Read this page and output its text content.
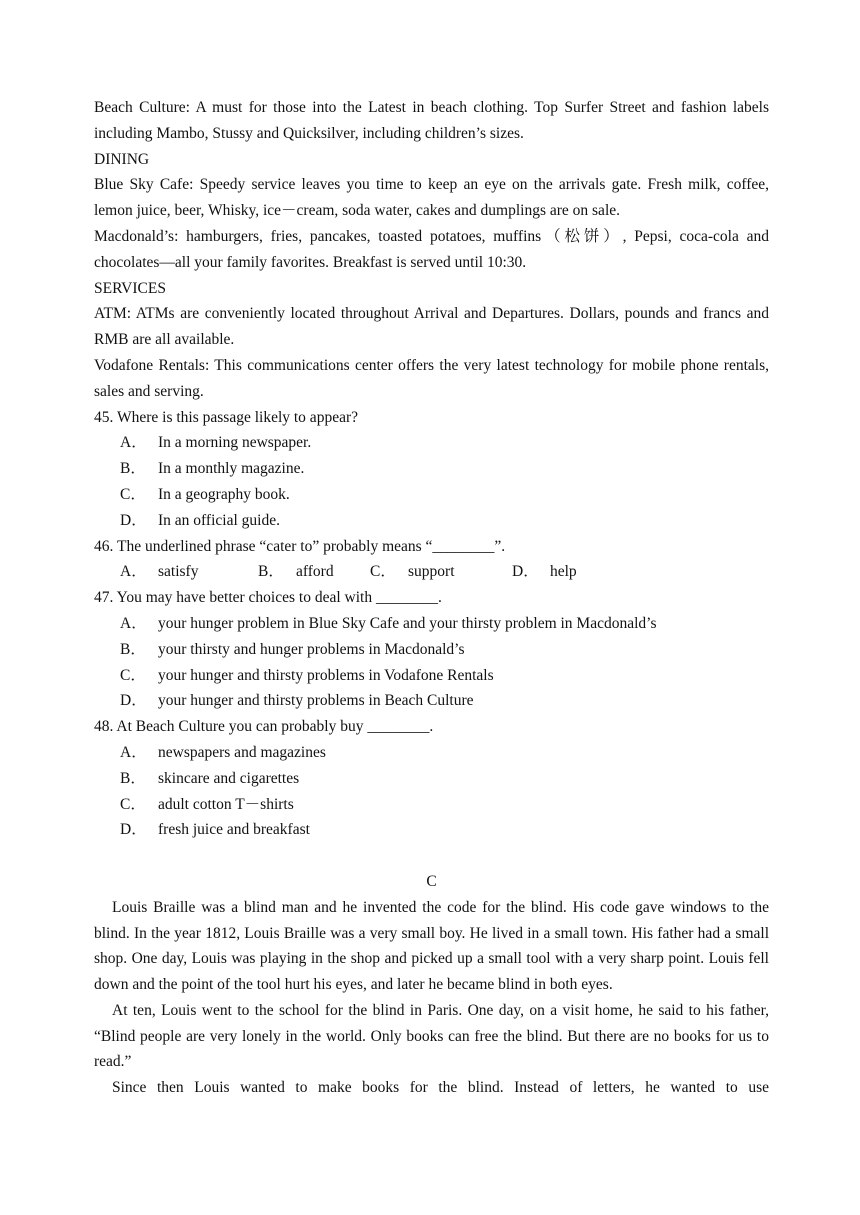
Beach Culture: A must for those into the Latest in beach clothing. Top Surfer Street and fashion labels including Mambo, Stussy and Quicksilver, including children’s sizes.

DINING

Blue Sky Cafe: Speedy service leaves you time to keep an eye on the arrivals gate. Fresh milk, coffee, lemon juice, beer, Whisky, ice－cream, soda water, cakes and dumplings are on sale.

Macdonald’s: hamburgers, fries, pancakes, toasted potatoes, muffins（松饼）, Pepsi, coca-cola and chocolates—all your family favorites. Breakfast is served until 10:30.

SERVICES

ATM: ATMs are conveniently located throughout Arrival and Departures. Dollars, pounds and francs and RMB are all available.

Vodafone Rentals: This communications center offers the very latest technology for mobile phone rentals, sales and serving.

45. Where is this passage likely to appear?

A． In a morning newspaper.
B． In a monthly magazine.
C． In a geography book.
D． In an official guide.

46. The underlined phrase “cater to” probably means “________”.

A． satisfy	B． afford C． support	D． help

47. You may have better choices to deal with ________.

A． your hunger problem in Blue Sky Cafe and your thirsty problem in Macdonald’s
B． your thirsty and hunger problems in Macdonald’s
C． your hunger and thirsty problems in Vodafone Rentals
D． your hunger and thirsty problems in Beach Culture

48. At Beach Culture you can probably buy ________.

A． newspapers and magazines
B． skincare and cigarettes
C． adult cotton T－shirts
D． fresh juice and breakfast

C

Louis Braille was a blind man and he invented the code for the blind. His code gave windows to the blind. In the year 1812, Louis Braille was a very small boy. He lived in a small town. His father had a small shop. One day, Louis was playing in the shop and picked up a small tool with a very sharp point. Louis fell down and the point of the tool hurt his eyes, and later he became blind in both eyes.

At ten, Louis went to the school for the blind in Paris. One day, on a visit home, he said to his father, “Blind people are very lonely in the world. Only books can free the blind. But there are no books for us to read.”

Since then Louis wanted to make books for the blind. Instead of letters, he wanted to use
